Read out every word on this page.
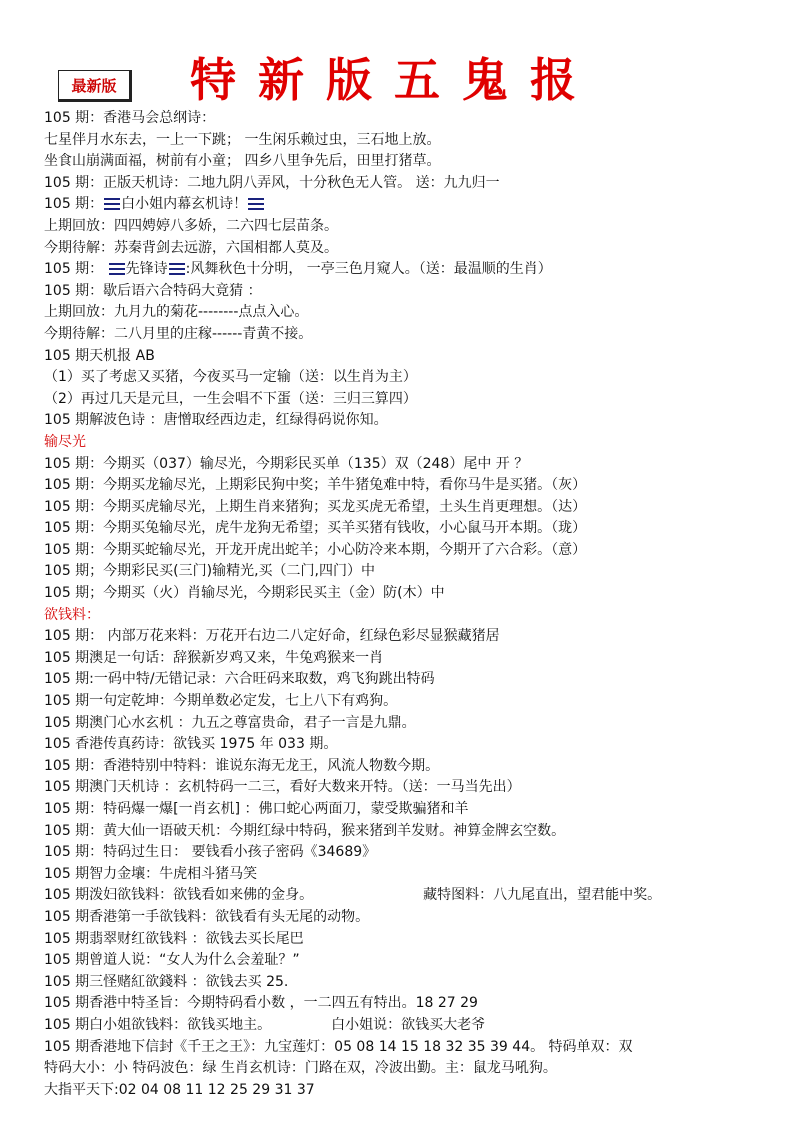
最新版	特新版五鬼报
105 期：香港马会总纲诗：
七星伴月水东去，一上一下跳； 一生闲乐赖过虫，三石地上放。
坐食山崩满面福，树前有小童； 四乡八里争先后，田里打猪草。
105 期：正版天机诗：二地九阴八弄风，十分秋色无人管。 送：九九归一
105 期： 白小姐内幕玄机诗！
上期回放：四四娉婷八多娇，二六四七层苗条。
今期待解：苏秦背剑去远游，六国相都人莫及。
105 期： 先锋诗 :风舞秋色十分明， 一亭三色月窥人。（送：最温顺的生肖）
105 期：歇后语六合特码大竟猜 ：
上期回放：九月九的菊花--------点点入心。
今期待解：二八月里的庄稼------青黄不接。
105 期天机报 AB
（1）买了考虑又买猪，今夜买马一定输（送：以生肖为主）
（2）再过几天是元旦，一生会唱不下蛋（送：三归三算四）
105 期解波色诗 ：唐憎取经西边走，红绿得码说你知。
输尽光
105 期：今期买（037）输尽光，今期彩民买单（135）双（248）尾中 开 ？
105 期：今期买龙输尽光，上期彩民狗中奖；羊牛猪兔难中特，看你马牛是买猪。（灰）
105 期：今期买虎输尽光，上期生肖来猪狗；买龙买虎无希望，土头生肖更理想。（达）
105 期：今期买兔输尽光，虎牛龙狗无希望；买羊买猪有钱收，小心鼠马开本期。（珑）
105 期：今期买蛇输尽光，开龙开虎出蛇羊；小心防冷来本期，今期开了六合彩。（意）
105 期；今期彩民买(三门)输精光,买（二门,四门）中
105 期；今期买（火）肖输尽光，今期彩民买主（金）防(木）中
欲钱料：
105 期： 内部万花来料：万花开右边二八定好命，红绿色彩尽显猴藏猪居
105 期澳足一句话：辞猴新岁鸡又来，牛兔鸡猴来一肖
105 期:一码中特/无错记录：六合旺码来取数，鸡飞狗跳出特码
105 期一句定乾坤：今期单数必定发，七上八下有鸡狗。
105 期澳门心水玄机 ：九五之尊富贵命，君子一言是九鼎。
105 香港传真药诗：欲钱买 1975 年 033 期。
105 期：香港特别中特料：谁说东海无龙王，风流人物数今期。
105 期澳门天机诗 ：玄机特码一二三，看好大数来开特。（送：一马当先出）
105 期：特码爆一爆[一肖玄机] ：佛口蛇心两面刀，蒙受欺骗猪和羊
105 期：黄大仙一语破天机：今期红绿中特码，猴来猪到羊发财。神算金牌玄空数。
105 期：特码过生日： 要钱看小孩子密码《34689》
105 期智力金壤：牛虎相斗猪马笑
105 期泼妇欲钱料：欲钱看如来佛的金身。	藏特图料：八九尾直出，望君能中奖。
105 期香港第一手欲钱料：欲钱看有头无尾的动物。
105 期翡翠财红欲钱料 ：欲钱去买长尾巴
105 期曾道人说：“女人为什么会羞耻？”
105 期三怪赌紅欲錢料 ：欲钱去买 25.
105 期香港中特圣旨：今期特码看小数 ，一二四五有特出。18 27 29
105 期白小姐欲钱料：欲钱买地主。	白小姐说：欲钱买大老爷
105 期香港地下信封《千王之王》：九宝莲灯：05 08 14 15 18 32 35 39 44。 特码单双：双
特码大小：小 特码波色：绿 生肖玄机诗：门路在双，冷波出勤。主：鼠龙马吼狗。
大指平天下:02 04 08 11 12 25 29 31 37
